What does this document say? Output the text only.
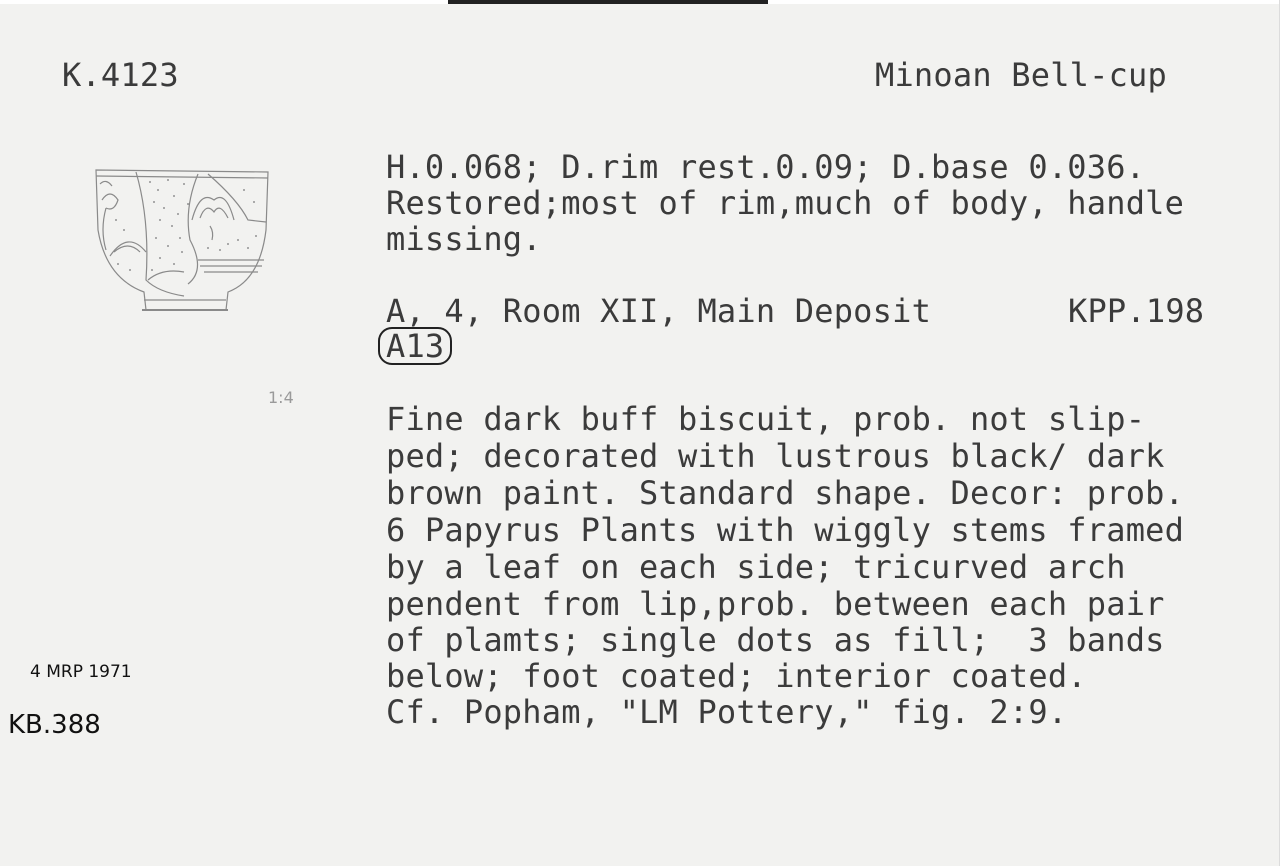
K.4123	Minoan Bell-cup
H.0.068; D.rim rest.0.09; D.base 0.036.
Restored;most of rim,much of body, handle
missing.
A, 4, Room XII, Main Deposit	KPP.198
A13
1:4
Fine dark buff biscuit, prob. not slip-
ped; decorated with lustrous black/ dark
brown paint. Standard shape. Decor: prob.
6 Papyrus Plants with wiggly stems framed
by a leaf on each side; tricurved arch
pendent from lip,prob. between each pair
of plamts; single dots as fill;  3 bands
below; foot coated; interior coated.
Cf. Popham, "LM Pottery," fig. 2:9.
4 MRP 1971
KB.388
